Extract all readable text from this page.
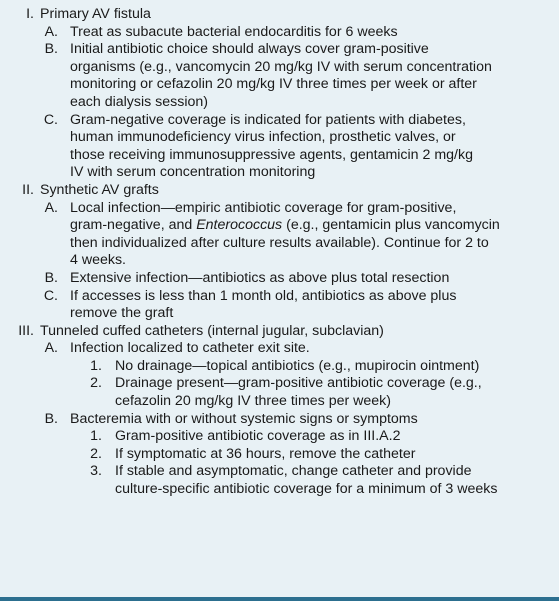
I. Primary AV fistula
A. Treat as subacute bacterial endocarditis for 6 weeks
B. Initial antibiotic choice should always cover gram-positive
organisms (e.g., vancomycin 20 mg/kg IV with serum concentration
monitoring or cefazolin 20 mg/kg IV three times per week or after
each dialysis session)
C. Gram-negative coverage is indicated for patients with diabetes,
human immunodeficiency virus infection, prosthetic valves, or
those receiving immunosuppressive agents, gentamicin 2 mg/kg
IV with serum concentration monitoring
II. Synthetic AV grafts
A. Local infection—empiric antibiotic coverage for gram-positive,
gram-negative, and Enterococcus (e.g., gentamicin plus vancomycin
then individualized after culture results available). Continue for 2 to
4 weeks.
B. Extensive infection—antibiotics as above plus total resection
C. If accesses is less than 1 month old, antibiotics as above plus
remove the graft
III. Tunneled cuffed catheters (internal jugular, subclavian)
A. Infection localized to catheter exit site.
1. No drainage—topical antibiotics (e.g., mupirocin ointment)
2. Drainage present—gram-positive antibiotic coverage (e.g.,
cefazolin 20 mg/kg IV three times per week)
B. Bacteremia with or without systemic signs or symptoms
1. Gram-positive antibiotic coverage as in III.A.2
2. If symptomatic at 36 hours, remove the catheter
3. If stable and asymptomatic, change catheter and provide
culture-specific antibiotic coverage for a minimum of 3 weeks
